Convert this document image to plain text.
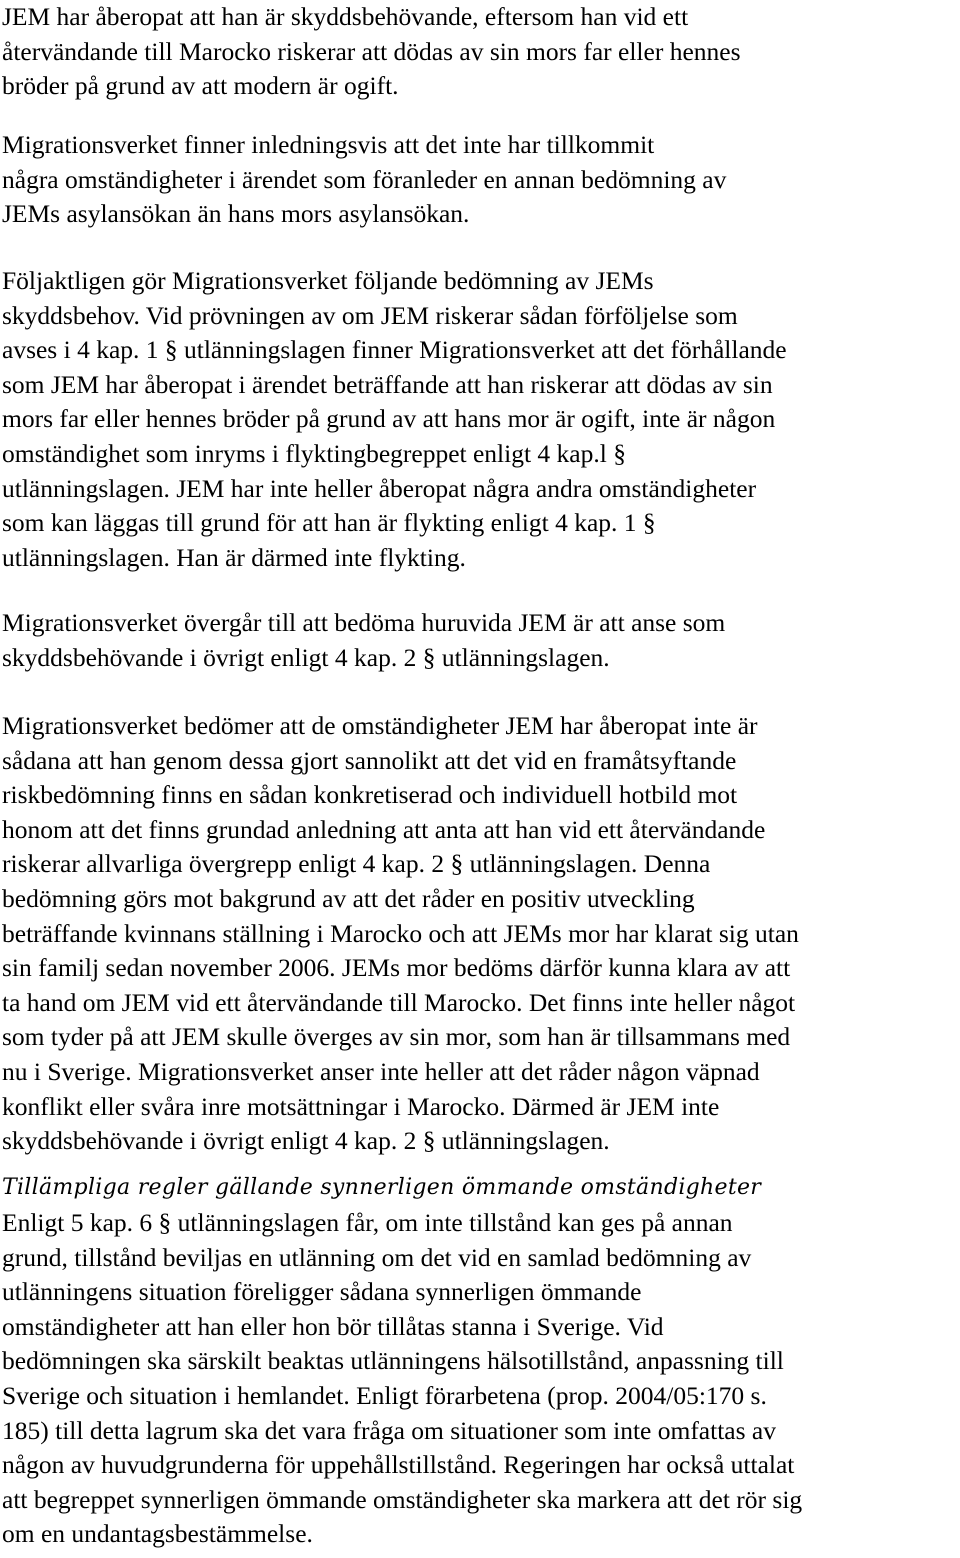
JEM har åberopat att han är skyddsbehövande, eftersom han vid ett
återvändande till Marocko riskerar att dödas av sin mors far eller hennes
bröder på grund av att modern är ogift.

Migrationsverket finner inledningsvis att det inte har tillkommit
några omständigheter i ärendet som föranleder en annan bedömning av
JEMs asylansökan än hans mors asylansökan.

Följaktligen gör Migrationsverket följande bedömning av JEMs
skyddsbehov. Vid prövningen av om JEM riskerar sådan förföljelse som
avses i 4 kap. 1 § utlänningslagen finner Migrationsverket att det förhållande
som JEM har åberopat i ärendet beträffande att han riskerar att dödas av sin
mors far eller hennes bröder på grund av att hans mor är ogift, inte är någon
omständighet som inryms i flyktingbegreppet enligt 4 kap.l §
utlänningslagen. JEM har inte heller åberopat några andra omständigheter
som kan läggas till grund för att han är flykting enligt 4 kap. 1 §
utlänningslagen. Han är därmed inte flykting.

Migrationsverket övergår till att bedöma huruvida JEM är att anse som
skyddsbehövande i övrigt enligt 4 kap. 2 § utlänningslagen.

Migrationsverket bedömer att de omständigheter JEM har åberopat inte är
sådana att han genom dessa gjort sannolikt att det vid en framåtsyftande
riskbedömning finns en sådan konkretiserad och individuell hotbild mot
honom att det finns grundad anledning att anta att han vid ett återvändande
riskerar allvarliga övergrepp enligt 4 kap. 2 § utlänningslagen. Denna
bedömning görs mot bakgrund av att det råder en positiv utveckling
beträffande kvinnans ställning i Marocko och att JEMs mor har klarat sig utan
sin familj sedan november 2006. JEMs mor bedöms därför kunna klara av att
ta hand om JEM vid ett återvändande till Marocko. Det finns inte heller något
som tyder på att JEM skulle överges av sin mor, som han är tillsammans med
nu i Sverige. Migrationsverket anser inte heller att det råder någon väpnad
konflikt eller svåra inre motsättningar i Marocko. Därmed är JEM inte
skyddsbehövande i övrigt enligt 4 kap. 2 § utlänningslagen.

Tillämpliga regler gällande synnerligen ömmande omständigheter

Enligt 5 kap. 6 § utlänningslagen får, om inte tillstånd kan ges på annan
grund, tillstånd beviljas en utlänning om det vid en samlad bedömning av
utlänningens situation föreligger sådana synnerligen ömmande
omständigheter att han eller hon bör tillåtas stanna i Sverige. Vid
bedömningen ska särskilt beaktas utlänningens hälsotillstånd, anpassning till
Sverige och situation i hemlandet. Enligt förarbetena (prop. 2004/05:170 s.
185) till detta lagrum ska det vara fråga om situationer som inte omfattas av
någon av huvudgrunderna för uppehållstillstånd. Regeringen har också uttalat
att begreppet synnerligen ömmande omständigheter ska markera att det rör sig
om en undantagsbestämmelse.
